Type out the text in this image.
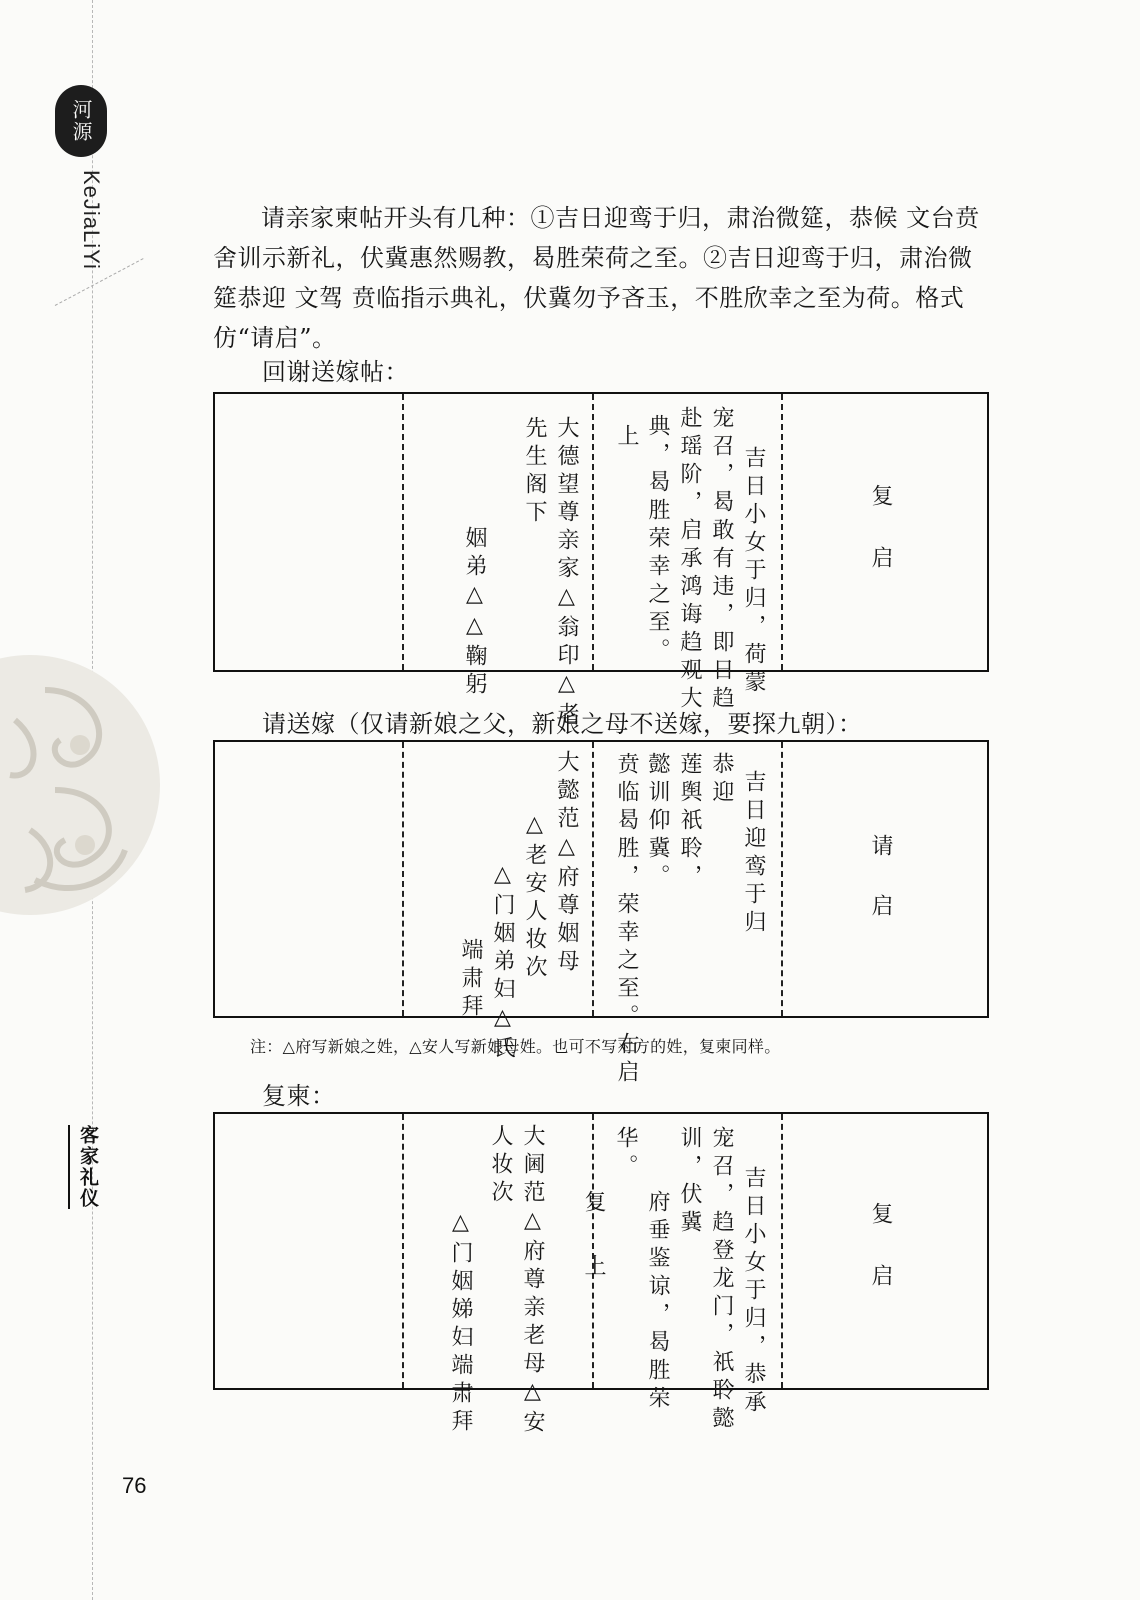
河源
KeJiaLiYi
客家礼仪
76
请亲家柬帖开头有几种：①吉日迎鸾于归，肃治微筵，恭候 文台贲舍训示新礼，伏冀惠然赐教，曷胜荣荷之至。②吉日迎鸾于归，肃治微筵恭迎 文驾 贲临指示典礼，伏冀勿予吝玉，不胜欣幸之至为荷。格式仿“请启”。
回谢送嫁帖：
复
启
吉日小女于归，荷蒙
宠召，曷敢有违，即日趋
赴瑶阶，启承鸿诲趋观大
典，曷胜荣幸之至。
上
大德望尊亲家△翁印△老
先生阁下
姻弟△△鞠躬
请送嫁（仅请新娘之父，新娘之母不送嫁，要探九朝）：
请
启
吉日迎鸾于归
恭迎
莲舆祇聆，
懿训仰冀。
贲临曷胜，荣幸之至。右启
大懿范△府尊姻母
△老安人妆次
△门姻弟妇△氏
端肃拜
注：△府写新娘之姓，△安人写新娘母姓。也可不写对方的姓，复柬同样。
复柬：
复
启
吉日小女于归，恭承
宠召，趋登龙门，祇聆懿
训，伏冀
府垂鉴谅，曷胜荣
华。
复
上
大阃范△府尊亲老母△安
人妆次
△门姻娣妇端肃拜
